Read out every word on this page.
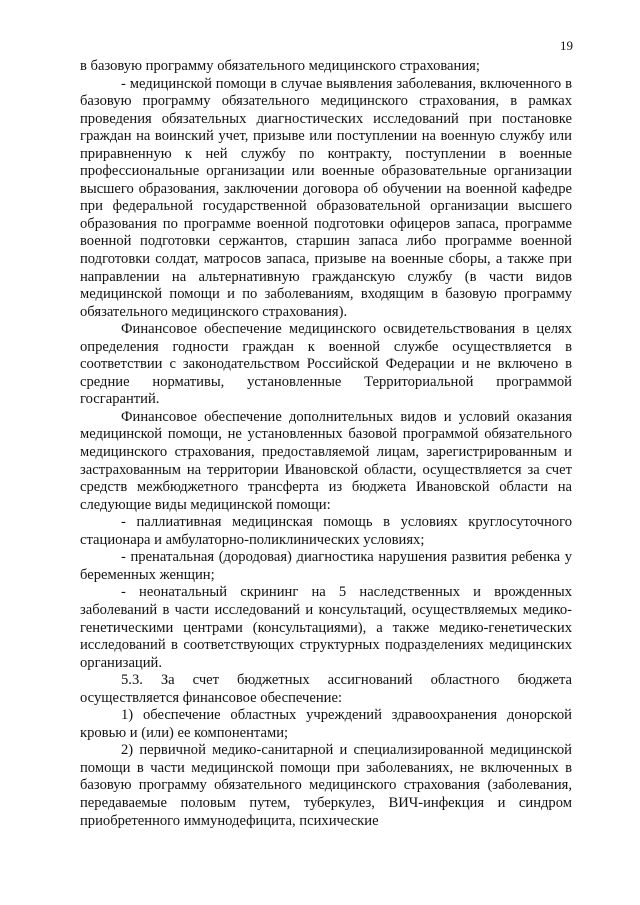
19

в базовую программу обязательного медицинского страхования;

- медицинской помощи в случае выявления заболевания, включенного в базовую программу обязательного медицинского страхования, в рамках проведения обязательных диагностических исследований при постановке граждан на воинский учет, призыве или поступлении на военную службу или приравненную к ней службу по контракту, поступлении в военные профессиональные организации или военные образовательные организации высшего образования, заключении договора об обучении на военной кафедре при федеральной государственной образовательной организации высшего образования по программе военной подготовки офицеров запаса, программе военной подготовки сержантов, старшин запаса либо программе военной подготовки солдат, матросов запаса, призыве на военные сборы, а также при направлении на альтернативную гражданскую службу (в части видов медицинской помощи и по заболеваниям, входящим в базовую программу обязательного медицинского страхования).

Финансовое обеспечение медицинского освидетельствования в целях определения годности граждан к военной службе осуществляется в соответствии с законодательством Российской Федерации и не включено в средние нормативы, установленные Территориальной программой госгарантий.

Финансовое обеспечение дополнительных видов и условий оказания медицинской помощи, не установленных базовой программой обязательного медицинского страхования, предоставляемой лицам, зарегистрированным и застрахованным на территории Ивановской области, осуществляется за счет средств межбюджетного трансферта из бюджета Ивановской области на следующие виды медицинской помощи:

- паллиативная медицинская помощь в условиях круглосуточного стационара и амбулаторно-поликлинических условиях;

- пренатальная (дородовая) диагностика нарушения развития ребенка у беременных женщин;

- неонатальный скрининг на 5 наследственных и врожденных заболеваний в части исследований и консультаций, осуществляемых медико-генетическими центрами (консультациями), а также медико-генетических исследований в соответствующих структурных подразделениях медицинских организаций.

5.3. За счет бюджетных ассигнований областного бюджета осуществляется финансовое обеспечение:

1) обеспечение областных учреждений здравоохранения донорской кровью и (или) ее компонентами;

2) первичной медико-санитарной и специализированной медицинской помощи в части медицинской помощи при заболеваниях, не включенных в базовую программу обязательного медицинского страхования (заболевания, передаваемые половым путем, туберкулез, ВИЧ-инфекция и синдром приобретенного иммунодефицита, психические
